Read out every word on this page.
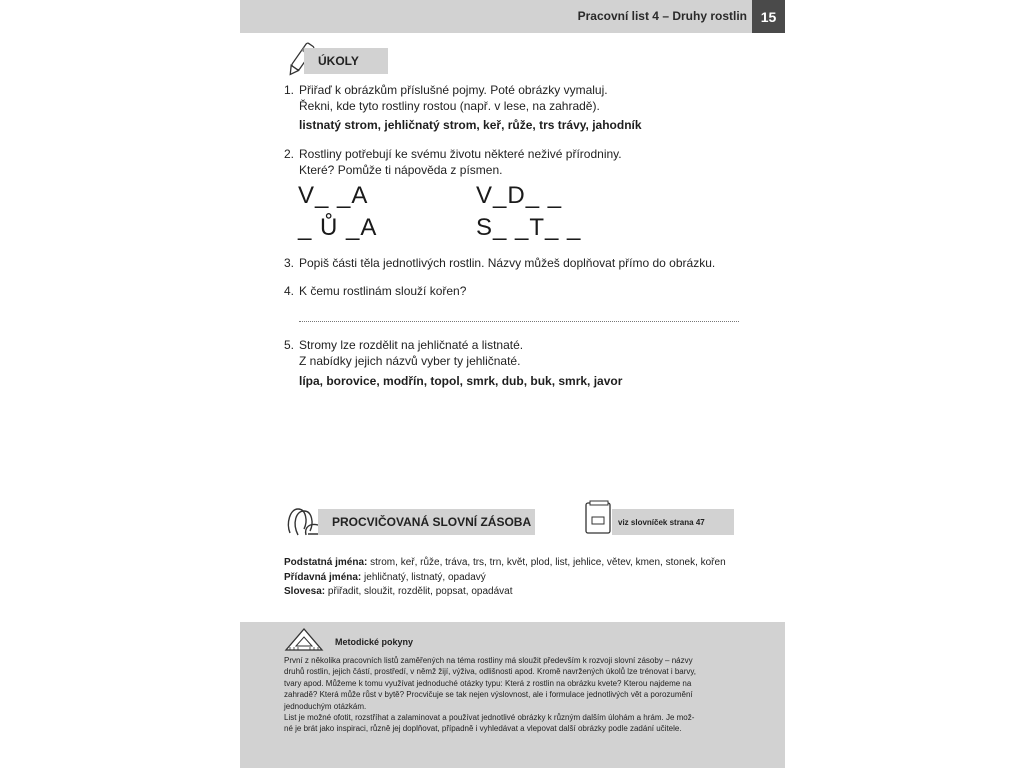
Pracovní list 4 – Druhy rostlin 15
ÚKOLY
1. Přiřaď k obrázkům příslušné pojmy. Poté obrázky vymaluj.
Řekni, kde tyto rostliny rostou (např. v lese, na zahradě).
listnatý strom, jehličnatý strom, keř, růže, trs trávy, jahodník
2. Rostliny potřebují ke svému životu některé neživé přírodniny.
Které? Pomůže ti nápověda z písmen.
V_ _A	V_D_ _
_ Ů _A	S_ _T_ _
3. Popiš části těla jednotlivých rostlin. Názvy můžeš doplňovat přímo do obrázku.
4. K čemu rostlinám slouží kořen?
5. Stromy lze rozdělit na jehličnaté a listnaté.
Z nabídky jejich názvů vyber ty jehličnaté.
lípa, borovice, modřín, topol, smrk, dub, buk, smrk, javor
PROCVIČOVANÁ SLOVNÍ ZÁSOBA	viz slovníček strana 47
Podstatná jména: strom, keř, růže, tráva, trs, trn, květ, plod, list, jehlice, větev, kmen, stonek, kořen
Přídavná jména: jehličnatý, listnatý, opadavý
Slovesa: přiřadit, sloužit, rozdělit, popsat, opadávat
Metodické pokyny

První z několika pracovních listů zaměřených na téma rostliny má sloužit především k rozvoji slovní zásoby – názvy

druhů rostlin, jejich částí, prostředí, v němž žijí, výživa, odlišnosti apod. Kromě navržených úkolů lze trénovat i barvy,

tvary apod. Můžeme k tomu využívat jednoduché otázky typu: Která z rostlin na obrázku kvete? Kterou najdeme na

zahradě? Která může růst v bytě? Procvičuje se tak nejen výslovnost, ale i formulace jednotlivých vět a porozumění

jednoduchým otázkám.

List je možné ofotit, rozstříhat a zalaminovat a používat jednotlivé obrázky k různým dalším úlohám a hrám. Je mož-

né je brát jako inspiraci, různě jej doplňovat, případně i vyhledávat a vlepovat další obrázky podle zadání učitele.
